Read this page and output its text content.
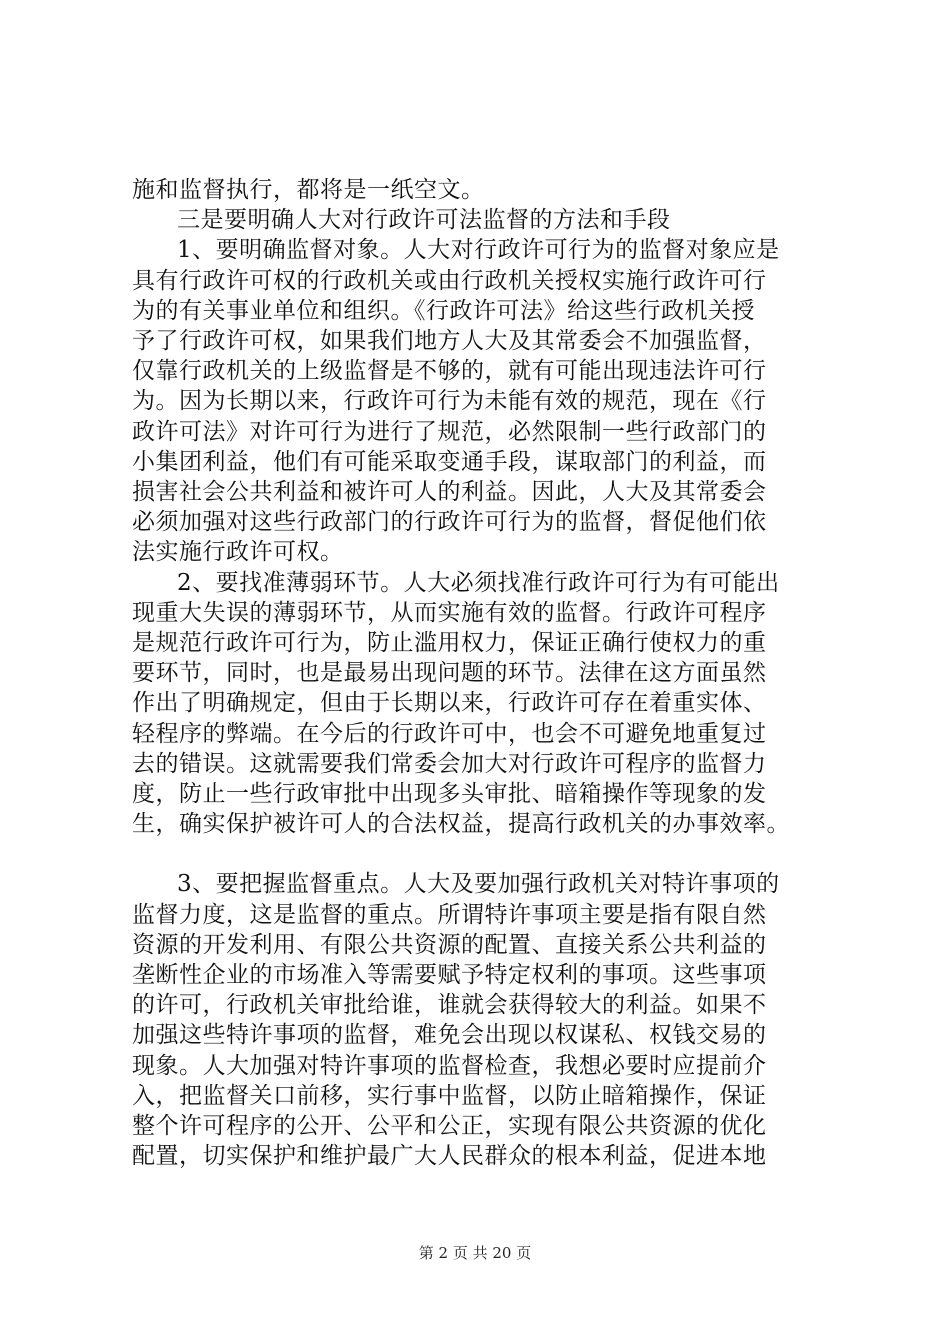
施和监督执行，都将是一纸空文。
三是要明确人大对行政许可法监督的方法和手段
1、要明确监督对象。人大对行政许可行为的监督对象应是
具有行政许可权的行政机关或由行政机关授权实施行政许可行
为的有关事业单位和组织。《行政许可法》给这些行政机关授
予了行政许可权，如果我们地方人大及其常委会不加强监督，
仅靠行政机关的上级监督是不够的，就有可能出现违法许可行
为。因为长期以来，行政许可行为未能有效的规范，现在《行
政许可法》对许可行为进行了规范，必然限制一些行政部门的
小集团利益，他们有可能采取变通手段，谋取部门的利益，而
损害社会公共利益和被许可人的利益。因此，人大及其常委会
必须加强对这些行政部门的行政许可行为的监督，督促他们依
法实施行政许可权。
2、要找准薄弱环节。人大必须找准行政许可行为有可能出
现重大失误的薄弱环节，从而实施有效的监督。行政许可程序
是规范行政许可行为，防止滥用权力，保证正确行使权力的重
要环节，同时，也是最易出现问题的环节。法律在这方面虽然
作出了明确规定，但由于长期以来，行政许可存在着重实体、
轻程序的弊端。在今后的行政许可中，也会不可避免地重复过
去的错误。这就需要我们常委会加大对行政许可程序的监督力
度，防止一些行政审批中出现多头审批、暗箱操作等现象的发
生，确实保护被许可人的合法权益，提高行政机关的办事效率。
3、要把握监督重点。人大及要加强行政机关对特许事项的
监督力度，这是监督的重点。所谓特许事项主要是指有限自然
资源的开发利用、有限公共资源的配置、直接关系公共利益的
垄断性企业的市场准入等需要赋予特定权利的事项。这些事项
的许可，行政机关审批给谁，谁就会获得较大的利益。如果不
加强这些特许事项的监督，难免会出现以权谋私、权钱交易的
现象。人大加强对特许事项的监督检查，我想必要时应提前介
入，把监督关口前移，实行事中监督，以防止暗箱操作，保证
整个许可程序的公开、公平和公正，实现有限公共资源的优化
配置，切实保护和维护最广大人民群众的根本利益，促进本地
第 2 页 共 20 页
